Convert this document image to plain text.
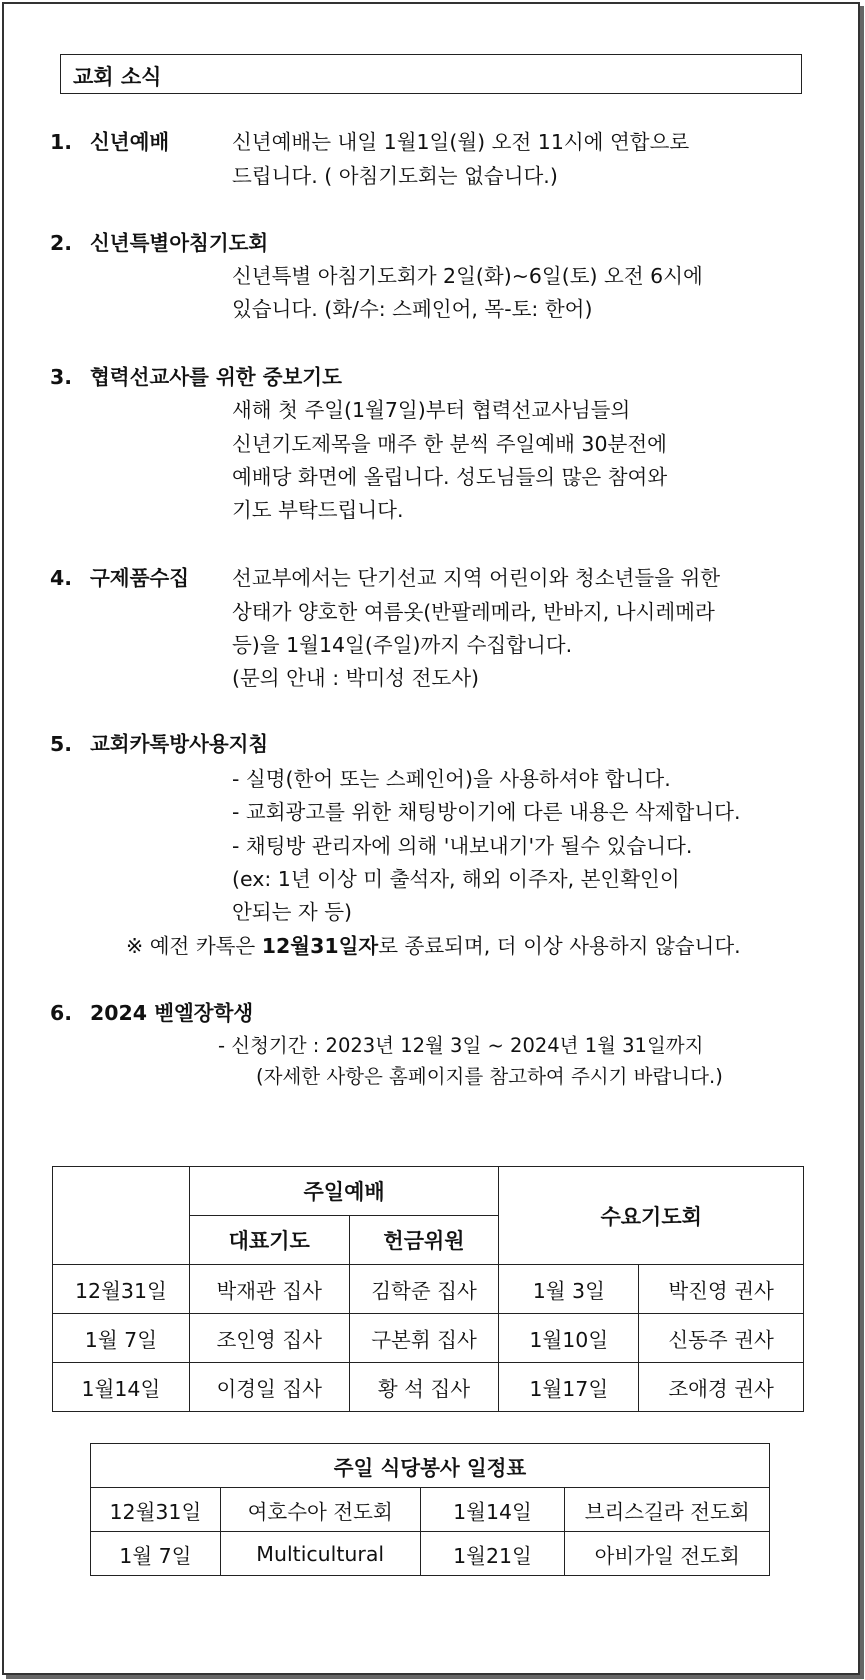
교회 소식
1. 신년예배	신년예배는 내일 1월1일(월) 오전 11시에 연합으로
드립니다. ( 아침기도회는 없습니다.)
2. 신년특별아침기도회
신년특별 아침기도회가 2일(화)~6일(토) 오전 6시에
있습니다. (화/수: 스페인어, 목-토: 한어)
3. 협력선교사를 위한 중보기도
새해 첫 주일(1월7일)부터 협력선교사님들의
신년기도제목을 매주 한 분씩 주일예배 30분전에
예배당 화면에 올립니다. 성도님들의 많은 참여와
기도 부탁드립니다.
4. 구제품수집 선교부에서는 단기선교 지역 어린이와 청소년들을 위한
상태가 양호한 여름옷(반팔레메라, 반바지, 나시레메라
등)을 1월14일(주일)까지 수집합니다.
(문의 안내 : 박미성 전도사)
5. 교회카톡방사용지침
- 실명(한어 또는 스페인어)을 사용하셔야 합니다.
- 교회광고를 위한 채팅방이기에 다른 내용은 삭제합니다.
- 채팅방 관리자에 의해 '내보내기'가 될수 있습니다.
(ex: 1년 이상 미 출석자, 해외 이주자, 본인확인이
안되는 자 등)
※ 예전 카톡은 12월31일자로 종료되며, 더 이상 사용하지 않습니다.
6. 2024 벧엘장학생
- 신청기간 : 2023년 12월 3일 ~ 2024년 1월 31일까지
(자세한 사항은 홈페이지를 참고하여 주시기 바랍니다.)
	주일예배		수요기도회	
	대표기도	헌금위원		
12월31일	박재관 집사	김학준 집사	1월 3일	박진영 권사
1월 7일	조인영 집사	구본휘 집사	1월10일	신동주 권사
1월14일	이경일 집사	황 석 집사	1월17일	조애경 권사
주일 식당봉사 일정표			
12월31일	여호수아 전도회	1월14일	브리스길라 전도회
1월 7일	Multicultural	1월21일	아비가일 전도회
